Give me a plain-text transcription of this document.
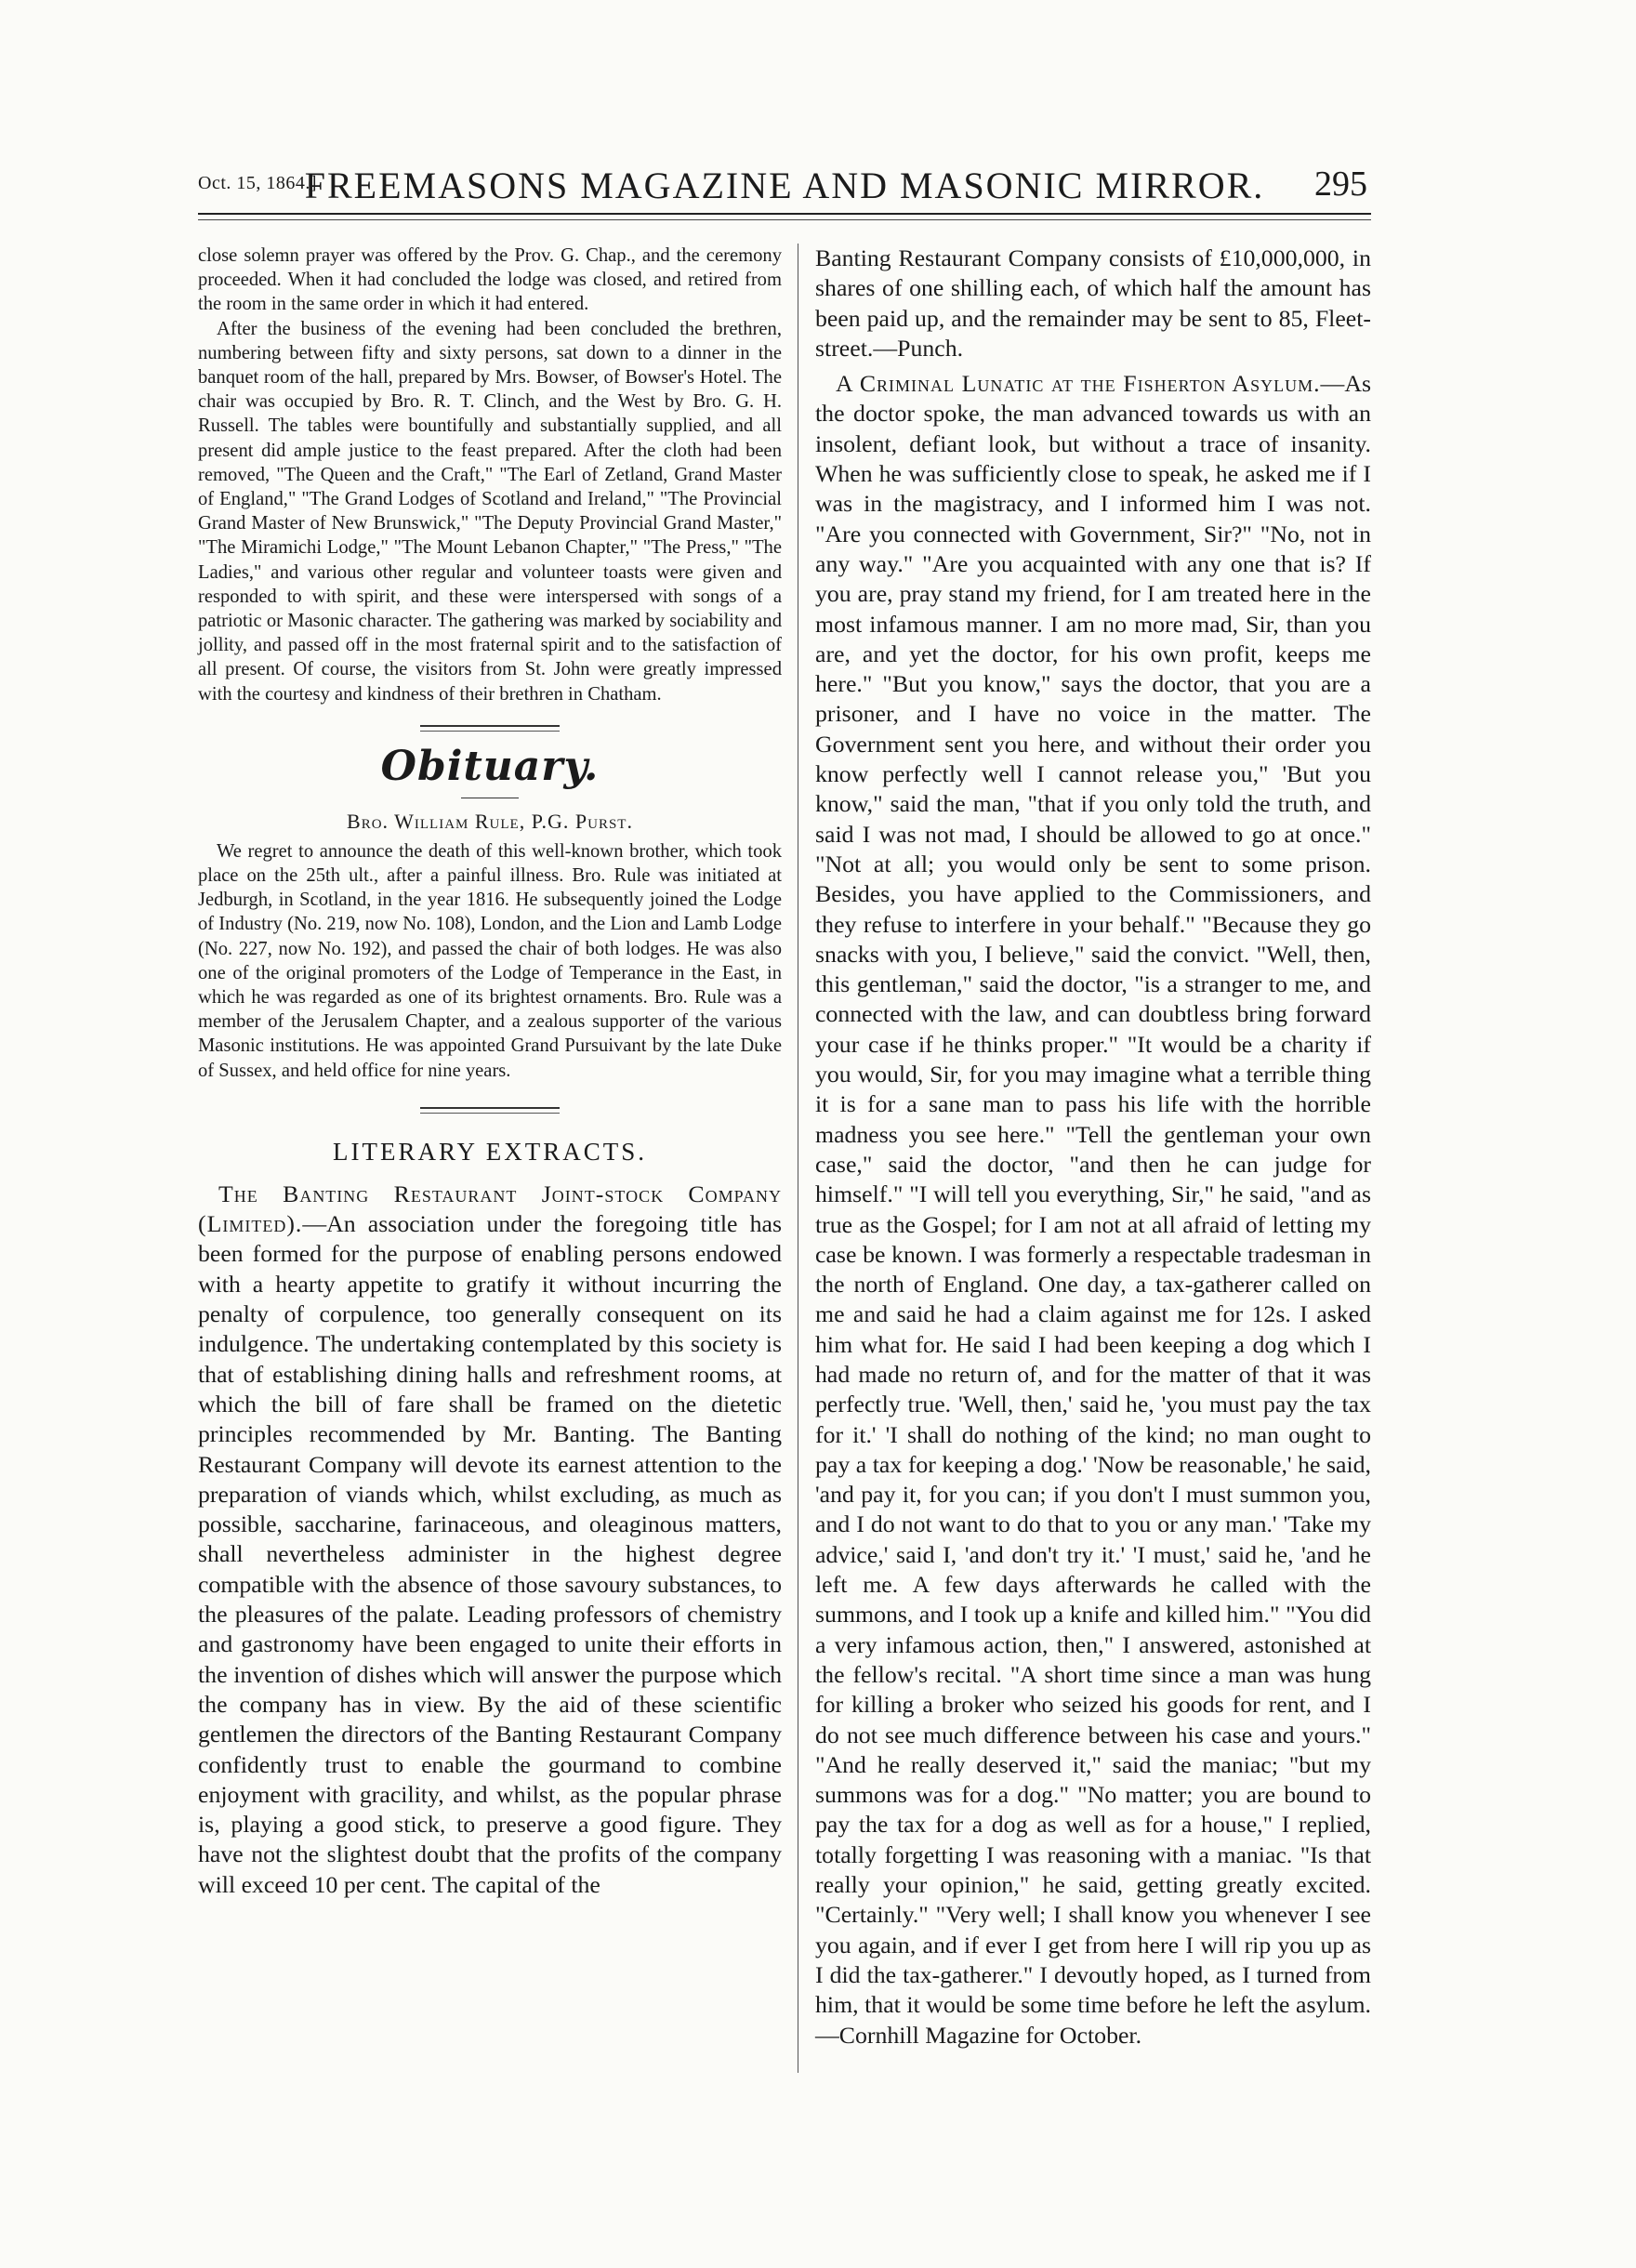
Oct. 15, 1864.]
FREEMASONS MAGAZINE AND MASONIC MIRROR.	295

close solemn prayer was offered by the Prov. G. Chap., and the ceremony proceeded. When it had concluded the lodge was closed, and retired from the room in the same order in which it had entered.

After the business of the evening had been concluded the brethren, numbering between fifty and sixty persons, sat down to a dinner in the banquet room of the hall, prepared by Mrs. Bowser, of Bowser's Hotel. The chair was occupied by Bro. R. T. Clinch, and the West by Bro. G. H. Russell. The tables were bountifully and substantially supplied, and all present did ample justice to the feast prepared. After the cloth had been removed, "The Queen and the Craft," "The Earl of Zetland, Grand Master of England," "The Grand Lodges of Scotland and Ireland," "The Provincial Grand Master of New Brunswick," "The Deputy Provincial Grand Master," "The Miramichi Lodge," "The Mount Lebanon Chapter," "The Press," "The Ladies," and various other regular and volunteer toasts were given and responded to with spirit, and these were interspersed with songs of a patriotic or Masonic character. The gathering was marked by sociability and jollity, and passed off in the most fraternal spirit and to the satisfaction of all present. Of course, the visitors from St. John were greatly impressed with the courtesy and kindness of their brethren in Chatham.

Obituary.
Bro. William Rule, P.G. Purst.

We regret to announce the death of this well-known brother, which took place on the 25th ult., after a painful illness. Bro. Rule was initiated at Jedburgh, in Scotland, in the year 1816. He subsequently joined the Lodge of Industry (No. 219, now No. 108), London, and the Lion and Lamb Lodge (No. 227, now No. 192), and passed the chair of both lodges. He was also one of the original promoters of the Lodge of Temperance in the East, in which he was regarded as one of its brightest ornaments. Bro. Rule was a member of the Jerusalem Chapter, and a zealous supporter of the various Masonic institutions. He was appointed Grand Pursuivant by the late Duke of Sussex, and held office for nine years.

LITERARY EXTRACTS.

The Banting Restaurant Joint-stock Company (Limited).—An association under the foregoing title has been formed for the purpose of enabling persons endowed with a hearty appetite to gratify it without incurring the penalty of corpulence, too generally consequent on its indulgence. The undertaking contemplated by this society is that of establishing dining halls and refreshment rooms, at which the bill of fare shall be framed on the dietetic principles recommended by Mr. Banting. The Banting Restaurant Company will devote its earnest attention to the preparation of viands which, whilst excluding, as much as possible, saccharine, farinaceous, and oleaginous matters, shall nevertheless administer in the highest degree compatible with the absence of those savoury substances, to the pleasures of the palate. Leading professors of chemistry and gastronomy have been engaged to unite their efforts in the invention of dishes which will answer the purpose which the company has in view. By the aid of these scientific gentlemen the directors of the Banting Restaurant Company confidently trust to enable the gourmand to combine enjoyment with gracility, and whilst, as the popular phrase is, playing a good stick, to preserve a good figure. They have not the slightest doubt that the profits of the company will exceed 10 per cent. The capital of the

Banting Restaurant Company consists of £10,000,000, in shares of one shilling each, of which half the amount has been paid up, and the remainder may be sent to 85, Fleet-street.—Punch.

A Criminal Lunatic at the Fisherton Asylum.—As the doctor spoke, the man advanced towards us with an insolent, defiant look, but without a trace of insanity. When he was sufficiently close to speak, he asked me if I was in the magistracy, and I informed him I was not. "Are you connected with Government, Sir?" "No, not in any way." "Are you acquainted with any one that is? If you are, pray stand my friend, for I am treated here in the most infamous manner. I am no more mad, Sir, than you are, and yet the doctor, for his own profit, keeps me here." "But you know," says the doctor, that you are a prisoner, and I have no voice in the matter. The Government sent you here, and without their order you know perfectly well I cannot release you," 'But you know," said the man, "that if you only told the truth, and said I was not mad, I should be allowed to go at once." "Not at all; you would only be sent to some prison. Besides, you have applied to the Commissioners, and they refuse to interfere in your behalf." "Because they go snacks with you, I believe," said the convict. "Well, then, this gentleman," said the doctor, "is a stranger to me, and connected with the law, and can doubtless bring forward your case if he thinks proper." "It would be a charity if you would, Sir, for you may imagine what a terrible thing it is for a sane man to pass his life with the horrible madness you see here." "Tell the gentleman your own case," said the doctor, "and then he can judge for himself." "I will tell you everything, Sir," he said, "and as true as the Gospel; for I am not at all afraid of letting my case be known. I was formerly a respectable tradesman in the north of England. One day, a tax-gatherer called on me and said he had a claim against me for 12s. I asked him what for. He said I had been keeping a dog which I had made no return of, and for the matter of that it was perfectly true. 'Well, then,' said he, 'you must pay the tax for it.' 'I shall do nothing of the kind; no man ought to pay a tax for keeping a dog.' 'Now be reasonable,' he said, 'and pay it, for you can; if you don't I must summon you, and I do not want to do that to you or any man.' 'Take my advice,' said I, 'and don't try it.' 'I must,' said he, 'and he left me. A few days afterwards he called with the summons, and I took up a knife and killed him." "You did a very infamous action, then," I answered, astonished at the fellow's recital. "A short time since a man was hung for killing a broker who seized his goods for rent, and I do not see much difference between his case and yours." "And he really deserved it," said the maniac; "but my summons was for a dog." "No matter; you are bound to pay the tax for a dog as well as for a house," I replied, totally forgetting I was reasoning with a maniac. "Is that really your opinion," he said, getting greatly excited. "Certainly." "Very well; I shall know you whenever I see you again, and if ever I get from here I will rip you up as I did the tax-gatherer." I devoutly hoped, as I turned from him, that it would be some time before he left the asylum.—Cornhill Magazine for October.
